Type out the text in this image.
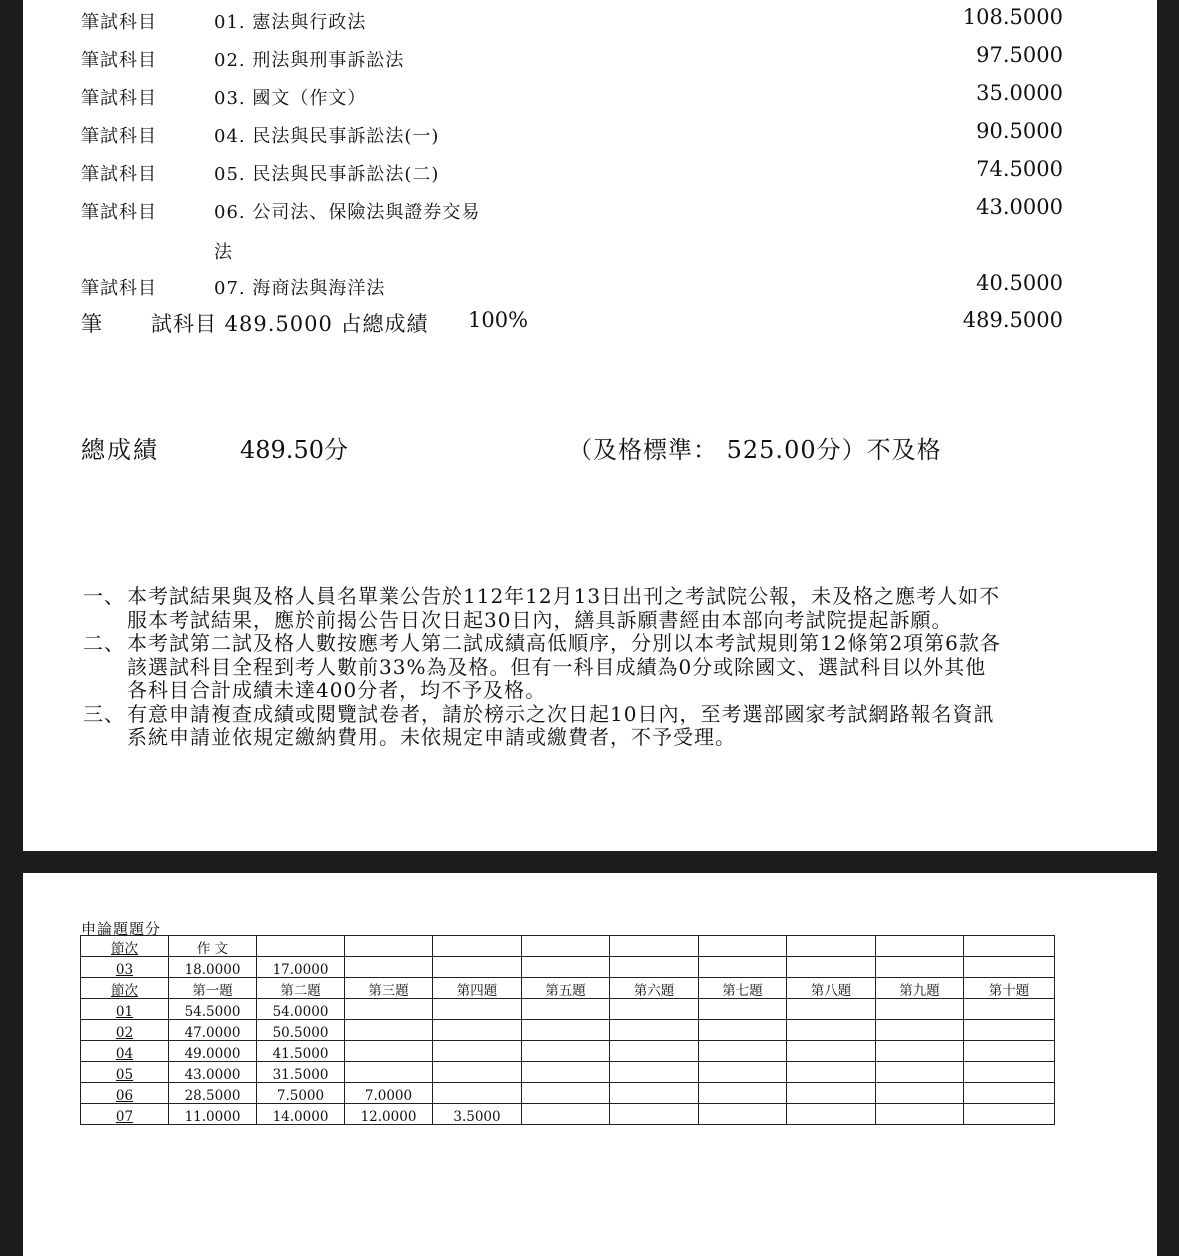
筆試科目	01. 憲法與行政法	108.5000
筆試科目	02. 刑法與刑事訴訟法	97.5000
筆試科目	03. 國文（作文）	35.0000
筆試科目	04. 民法與民事訴訟法(一)	90.5000
筆試科目	05. 民法與民事訴訟法(二)	74.5000
筆試科目	06. 公司法、保險法與證券交易	43.0000
法
筆試科目	07. 海商法與海洋法	40.5000
筆 試科目 489.5000 占總成績 100%	489.5000
總成績	489.50分	（及格標準： 525.00分）不及格
一、 本考試結果與及格人員名單業公告於112年12月13日出刊之考試院公報，未及格之應考人如不服本考試結果，應於前揭公告日次日起30日內，繕具訴願書經由本部向考試院提起訴願。
二、 本考試第二試及格人數按應考人第二試成績高低順序，分別以本考試規則第12條第2項第6款各該選試科目全程到考人數前33%為及格。但有一科目成績為0分或除國文、選試科目以外其他各科目合計成績未達400分者，均不予及格。
三、 有意申請複查成績或閱覽試卷者，請於榜示之次日起10日內，至考選部國家考試網路報名資訊系統申請並依規定繳納費用。未依規定申請或繳費者，不予受理。
申論題題分
節次	作 文									
03	18.0000	17.0000								
節次	第一題	第二題	第三題	第四題	第五題	第六題	第七題	第八題	第九題	第十題
01	54.5000	54.0000								
02	47.0000	50.5000								
04	49.0000	41.5000								
05	43.0000	31.5000								
06	28.5000	7.5000	7.0000							
07	11.0000	14.0000	12.0000	3.5000						
